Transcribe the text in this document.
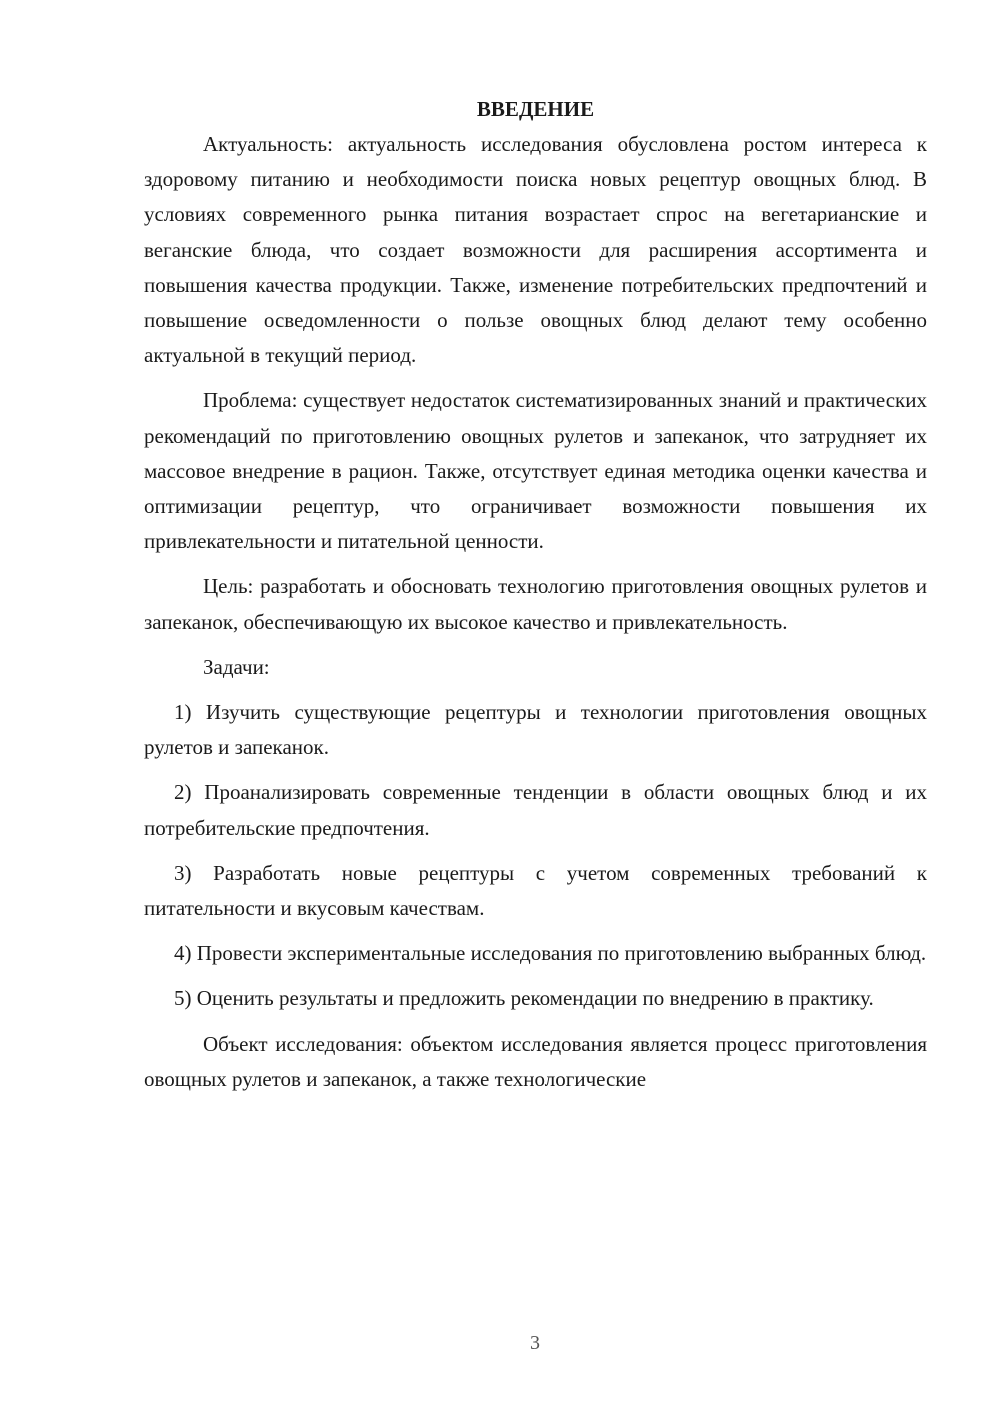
ВВЕДЕНИЕ

Актуальность: актуальность исследования обусловлена ростом интереса к здоровому питанию и необходимости поиска новых рецептур овощных блюд. В условиях современного рынка питания возрастает спрос на вегетарианские и веганские блюда, что создает возможности для расширения ассортимента и повышения качества продукции. Также, изменение потребительских предпочтений и повышение осведомленности о пользе овощных блюд делают тему особенно актуальной в текущий период.

Проблема: существует недостаток систематизированных знаний и практических рекомендаций по приготовлению овощных рулетов и запеканок, что затрудняет их массовое внедрение в рацион. Также, отсутствует единая методика оценки качества и оптимизации рецептур, что ограничивает возможности повышения их привлекательности и питательной ценности.

Цель: разработать и обосновать технологию приготовления овощных рулетов и запеканок, обеспечивающую их высокое качество и привлекательность.

Задачи:

1) Изучить существующие рецептуры и технологии приготовления овощных рулетов и запеканок.

2) Проанализировать современные тенденции в области овощных блюд и их потребительские предпочтения.

3) Разработать новые рецептуры с учетом современных требований к питательности и вкусовым качествам.

4) Провести экспериментальные исследования по приготовлению выбранных блюд.

5) Оценить результаты и предложить рекомендации по внедрению в практику.

Объект исследования: объектом исследования является процесс приготовления овощных рулетов и запеканок, а также технологические

3
